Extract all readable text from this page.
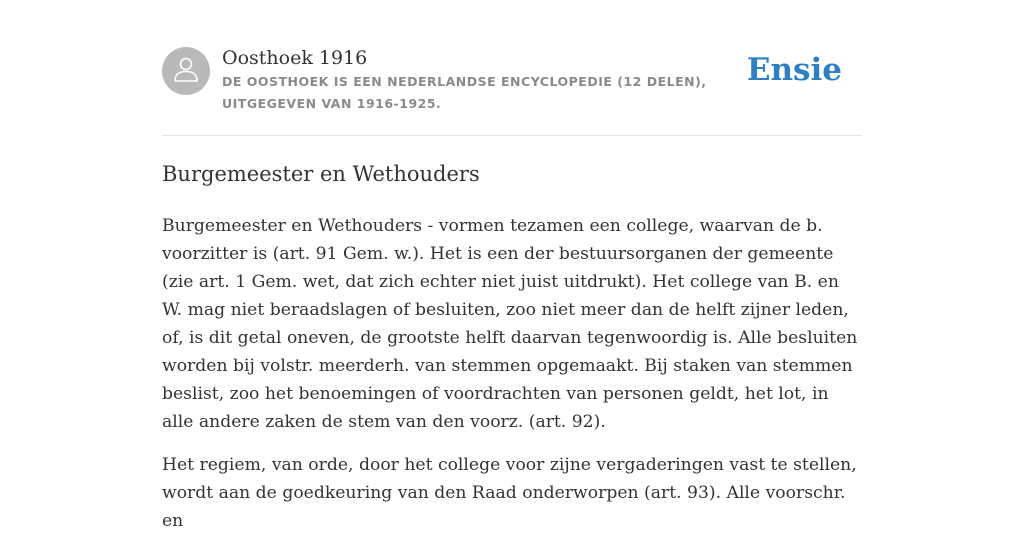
Oosthoek 1916
DE OOSTHOEK IS EEN NEDERLANDSE ENCYCLOPEDIE (12 DELEN), UITGEGEVEN VAN 1916-1925.
Ensie
Burgemeester en Wethouders

Burgemeester en Wethouders - vormen tezamen een college, waarvan de b. voorzitter is (art. 91 Gem. w.). Het is een der bestuursorganen der gemeente (zie art. 1 Gem. wet, dat zich echter niet juist uitdrukt). Het college van B. en W. mag niet beraadslagen of besluiten, zoo niet meer dan de helft zijner leden, of, is dit getal oneven, de grootste helft daarvan tegenwoordig is. Alle besluiten worden bij volstr. meerderh. van stemmen opgemaakt. Bij staken van stemmen beslist, zoo het benoemingen of voordrachten van personen geldt, het lot, in alle andere zaken de stem van den voorz. (art. 92).

Het regiem, van orde, door het college voor zijne vergaderingen vast te stellen, wordt aan de goedkeuring van den Raad onderworpen (art. 93). Alle voorschr. en
